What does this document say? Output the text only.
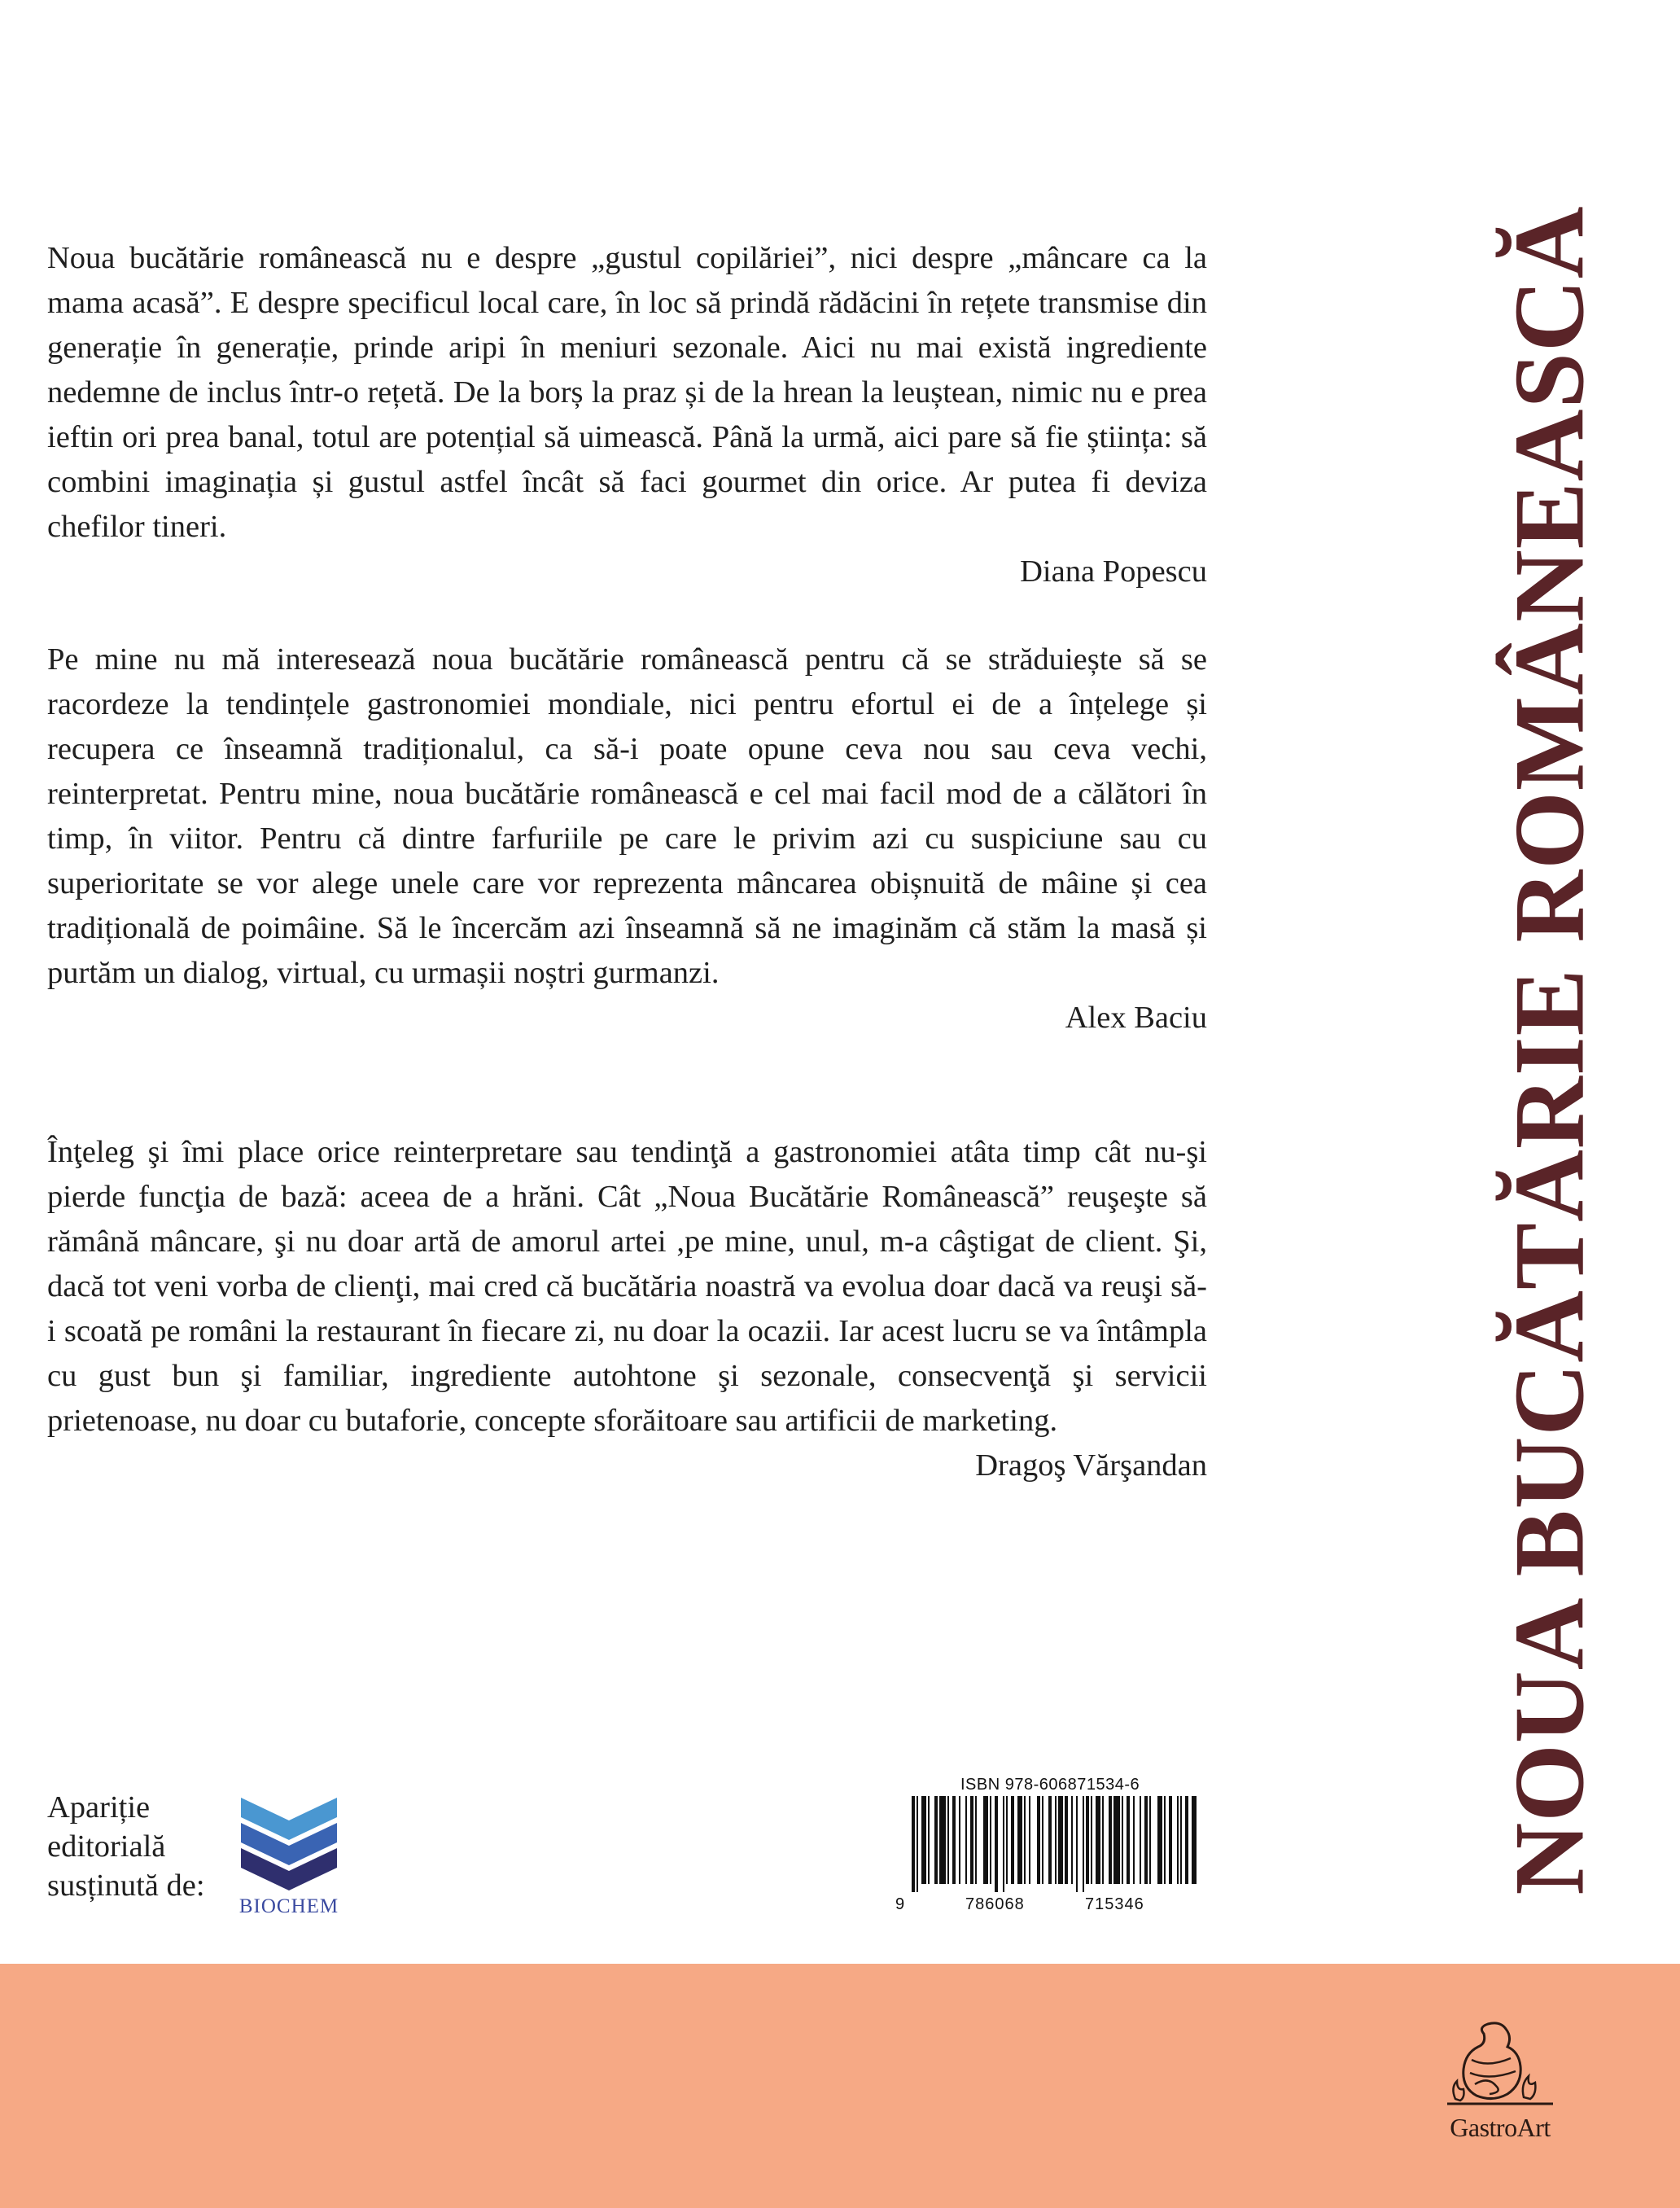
Noua bucătărie românească nu e despre „gustul copilăriei”, nici despre „mâncare ca la mama acasă”. E despre specificul local care, în loc să prindă rădăcini în rețete transmise din generație în generație, prinde aripi în meniuri sezonale. Aici nu mai există ingrediente nedemne de inclus într-o rețetă. De la borș la praz și de la hrean la leuștean, nimic nu e prea ieftin ori prea banal, totul are potențial să uimească. Până la urmă, aici pare să fie știința: să combini imaginația și gustul astfel încât să faci gourmet din orice. Ar putea fi deviza chefilor tineri.

Diana Popescu

Pe mine nu mă interesează noua bucătărie românească pentru că se străduiește să se racordeze la tendințele gastronomiei mondiale, nici pentru efortul ei de a înțelege și recupera ce înseamnă tradiționalul, ca să-i poate opune ceva nou sau ceva vechi, reinterpretat. Pentru mine, noua bucătărie românească e cel mai facil mod de a călători în timp, în viitor. Pentru că dintre farfuriile pe care le privim azi cu suspiciune sau cu superioritate se vor alege unele care vor reprezenta mâncarea obișnuită de mâine și cea tradițională de poimâine. Să le încercăm azi înseamnă să ne imaginăm că stăm la masă și purtăm un dialog, virtual, cu urmașii noștri gurmanzi.

Alex Baciu

Înţeleg şi îmi place orice reinterpretare sau tendinţă a gastronomiei atâta timp cât nu-şi pierde funcţia de bază: aceea de a hrăni. Cât „Noua Bucătărie Românească” reuşeşte să rămână mâncare, şi nu doar artă de amorul artei ,pe mine, unul, m-a câştigat de client. Şi, dacă tot veni vorba de clienţi, mai cred că bucătăria noastră va evolua doar dacă va reuşi să-i scoată pe români la restaurant în fiecare zi, nu doar la ocazii. Iar acest lucru se va întâmpla cu gust bun şi familiar, ingrediente autohtone şi sezonale, consecvenţă şi servicii prietenoase, nu doar cu butaforie, concepte sforăitoare sau artificii de marketing.

Dragoş Vărşandan	NOUA BUCĂTĂRIE ROMÂNEASCĂ

Apariție editorială susținută de:

BIOCHEM
ISBN 978-606871534-6
9	786068	715346
GastroArt
